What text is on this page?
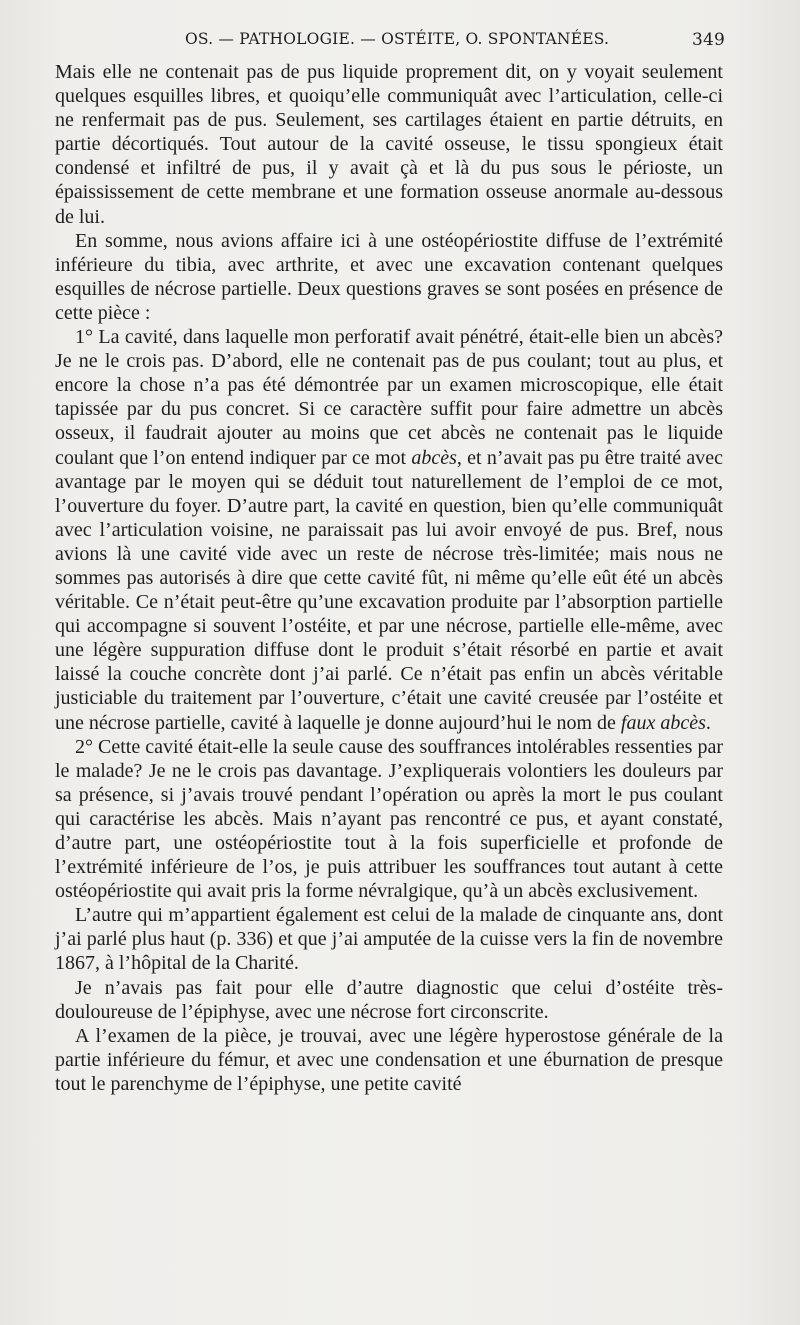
OS. — PATHOLOGIE. — OSTÉITE, O. SPONTANÉES.	349

Mais elle ne contenait pas de pus liquide proprement dit, on y voyait seulement quelques esquilles libres, et quoiqu’elle communiquât avec l’articulation, celle-ci ne renfermait pas de pus. Seulement, ses cartilages étaient en partie détruits, en partie décortiqués. Tout autour de la cavité osseuse, le tissu spongieux était condensé et infiltré de pus, il y avait çà et là du pus sous le périoste, un épaississement de cette membrane et une formation osseuse anormale au-dessous de lui.

En somme, nous avions affaire ici à une ostéopériostite diffuse de l’extrémité inférieure du tibia, avec arthrite, et avec une excavation contenant quelques esquilles de nécrose partielle. Deux questions graves se sont posées en présence de cette pièce :

1° La cavité, dans laquelle mon perforatif avait pénétré, était-elle bien un abcès? Je ne le crois pas. D’abord, elle ne contenait pas de pus coulant; tout au plus, et encore la chose n’a pas été démontrée par un examen microscopique, elle était tapissée par du pus concret. Si ce caractère suffit pour faire admettre un abcès osseux, il faudrait ajouter au moins que cet abcès ne contenait pas le liquide coulant que l’on entend indiquer par ce mot abcès, et n’avait pas pu être traité avec avantage par le moyen qui se déduit tout naturellement de l’emploi de ce mot, l’ouverture du foyer. D’autre part, la cavité en question, bien qu’elle communiquât avec l’articulation voisine, ne paraissait pas lui avoir envoyé de pus. Bref, nous avions là une cavité vide avec un reste de nécrose très-limitée; mais nous ne sommes pas autorisés à dire que cette cavité fût, ni même qu’elle eût été un abcès véritable. Ce n’était peut-être qu’une excavation produite par l’absorption partielle qui accompagne si souvent l’ostéite, et par une nécrose, partielle elle-même, avec une légère suppuration diffuse dont le produit s’était résorbé en partie et avait laissé la couche concrète dont j’ai parlé. Ce n’était pas enfin un abcès véritable justiciable du traitement par l’ouverture, c’était une cavité creusée par l’ostéite et une nécrose partielle, cavité à laquelle je donne aujourd’hui le nom de faux abcès.

2° Cette cavité était-elle la seule cause des souffrances intolérables ressenties par le malade? Je ne le crois pas davantage. J’expliquerais volontiers les douleurs par sa présence, si j’avais trouvé pendant l’opération ou après la mort le pus coulant qui caractérise les abcès. Mais n’ayant pas rencontré ce pus, et ayant constaté, d’autre part, une ostéopériostite tout à la fois superficielle et profonde de l’extrémité inférieure de l’os, je puis attribuer les souffrances tout autant à cette ostéopériostite qui avait pris la forme névralgique, qu’à un abcès exclusivement.

L’autre qui m’appartient également est celui de la malade de cinquante ans, dont j’ai parlé plus haut (p. 336) et que j’ai amputée de la cuisse vers la fin de novembre 1867, à l’hôpital de la Charité.

Je n’avais pas fait pour elle d’autre diagnostic que celui d’ostéite très-douloureuse de l’épiphyse, avec une nécrose fort circonscrite.

A l’examen de la pièce, je trouvai, avec une légère hyperostose générale de la partie inférieure du fémur, et avec une condensation et une éburnation de presque tout le parenchyme de l’épiphyse, une petite cavité
